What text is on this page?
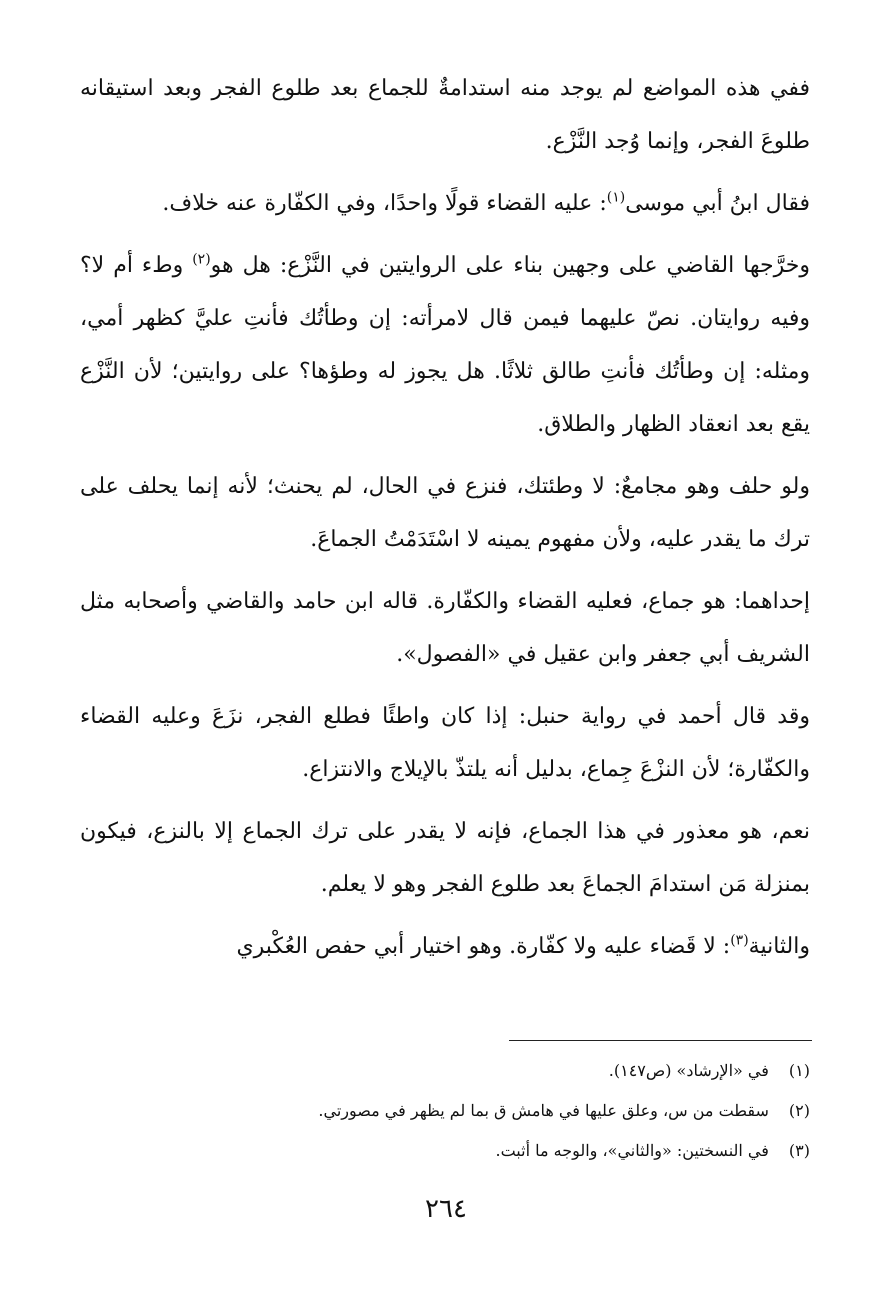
ففي هذه المواضع لم يوجد منه استدامةٌ للجماع بعد طلوع الفجر وبعد استيقانه طلوعَ الفجر، وإنما وُجد النَّزْع.

فقال ابنُ أبي موسى$^{(١)}$: عليه القضاء قولًا واحدًا، وفي الكفّارة عنه خلاف.

وخرَّجها القاضي على وجهين بناء على الروايتين في النَّزْع: هل هو$^{(٢)}$ وطء أم لا؟ وفيه روايتان. نصّ عليهما فيمن قال لامرأته: إن وطأتُك فأنتِ عليَّ كظهر أمي، ومثله: إن وطأتُك فأنتِ طالق ثلاثًا. هل يجوز له وطؤها؟ على روايتين؛ لأن النَّزْع يقع بعد انعقاد الظهار والطلاق.

ولو حلف وهو مجامعٌ: لا وطئتك، فنزع في الحال، لم يحنث؛ لأنه إنما يحلف على ترك ما يقدر عليه، ولأن مفهوم يمينه لا اسْتَدَمْتُ الجماعَ.

إحداهما: هو جماع، فعليه القضاء والكفّارة. قاله ابن حامد والقاضي وأصحابه مثل الشريف أبي جعفر وابن عقيل في «الفصول».

وقد قال أحمد في رواية حنبل: إذا كان واطئًا فطلع الفجر، نزَعَ وعليه القضاء والكفّارة؛ لأن النزْعَ جِماع، بدليل أنه يلتذّ بالإيلاج والانتزاع.

نعم، هو معذور في هذا الجماع، فإنه لا يقدر على ترك الجماع إلا بالنزع، فيكون بمنزلة مَن استدامَ الجماعَ بعد طلوع الفجر وهو لا يعلم.

والثانية$^{(٣)}$: لا قَضاء عليه ولا كفّارة. وهو اختيار أبي حفص العُكْبري

(١) في «الإرشاد» (ص١٤٧).
(٢) سقطت من س، وعلق عليها في هامش ق بما لم يظهر في مصورتي.
(٣) في النسختين: «والثاني»، والوجه ما أثبت.
٢٦٤
